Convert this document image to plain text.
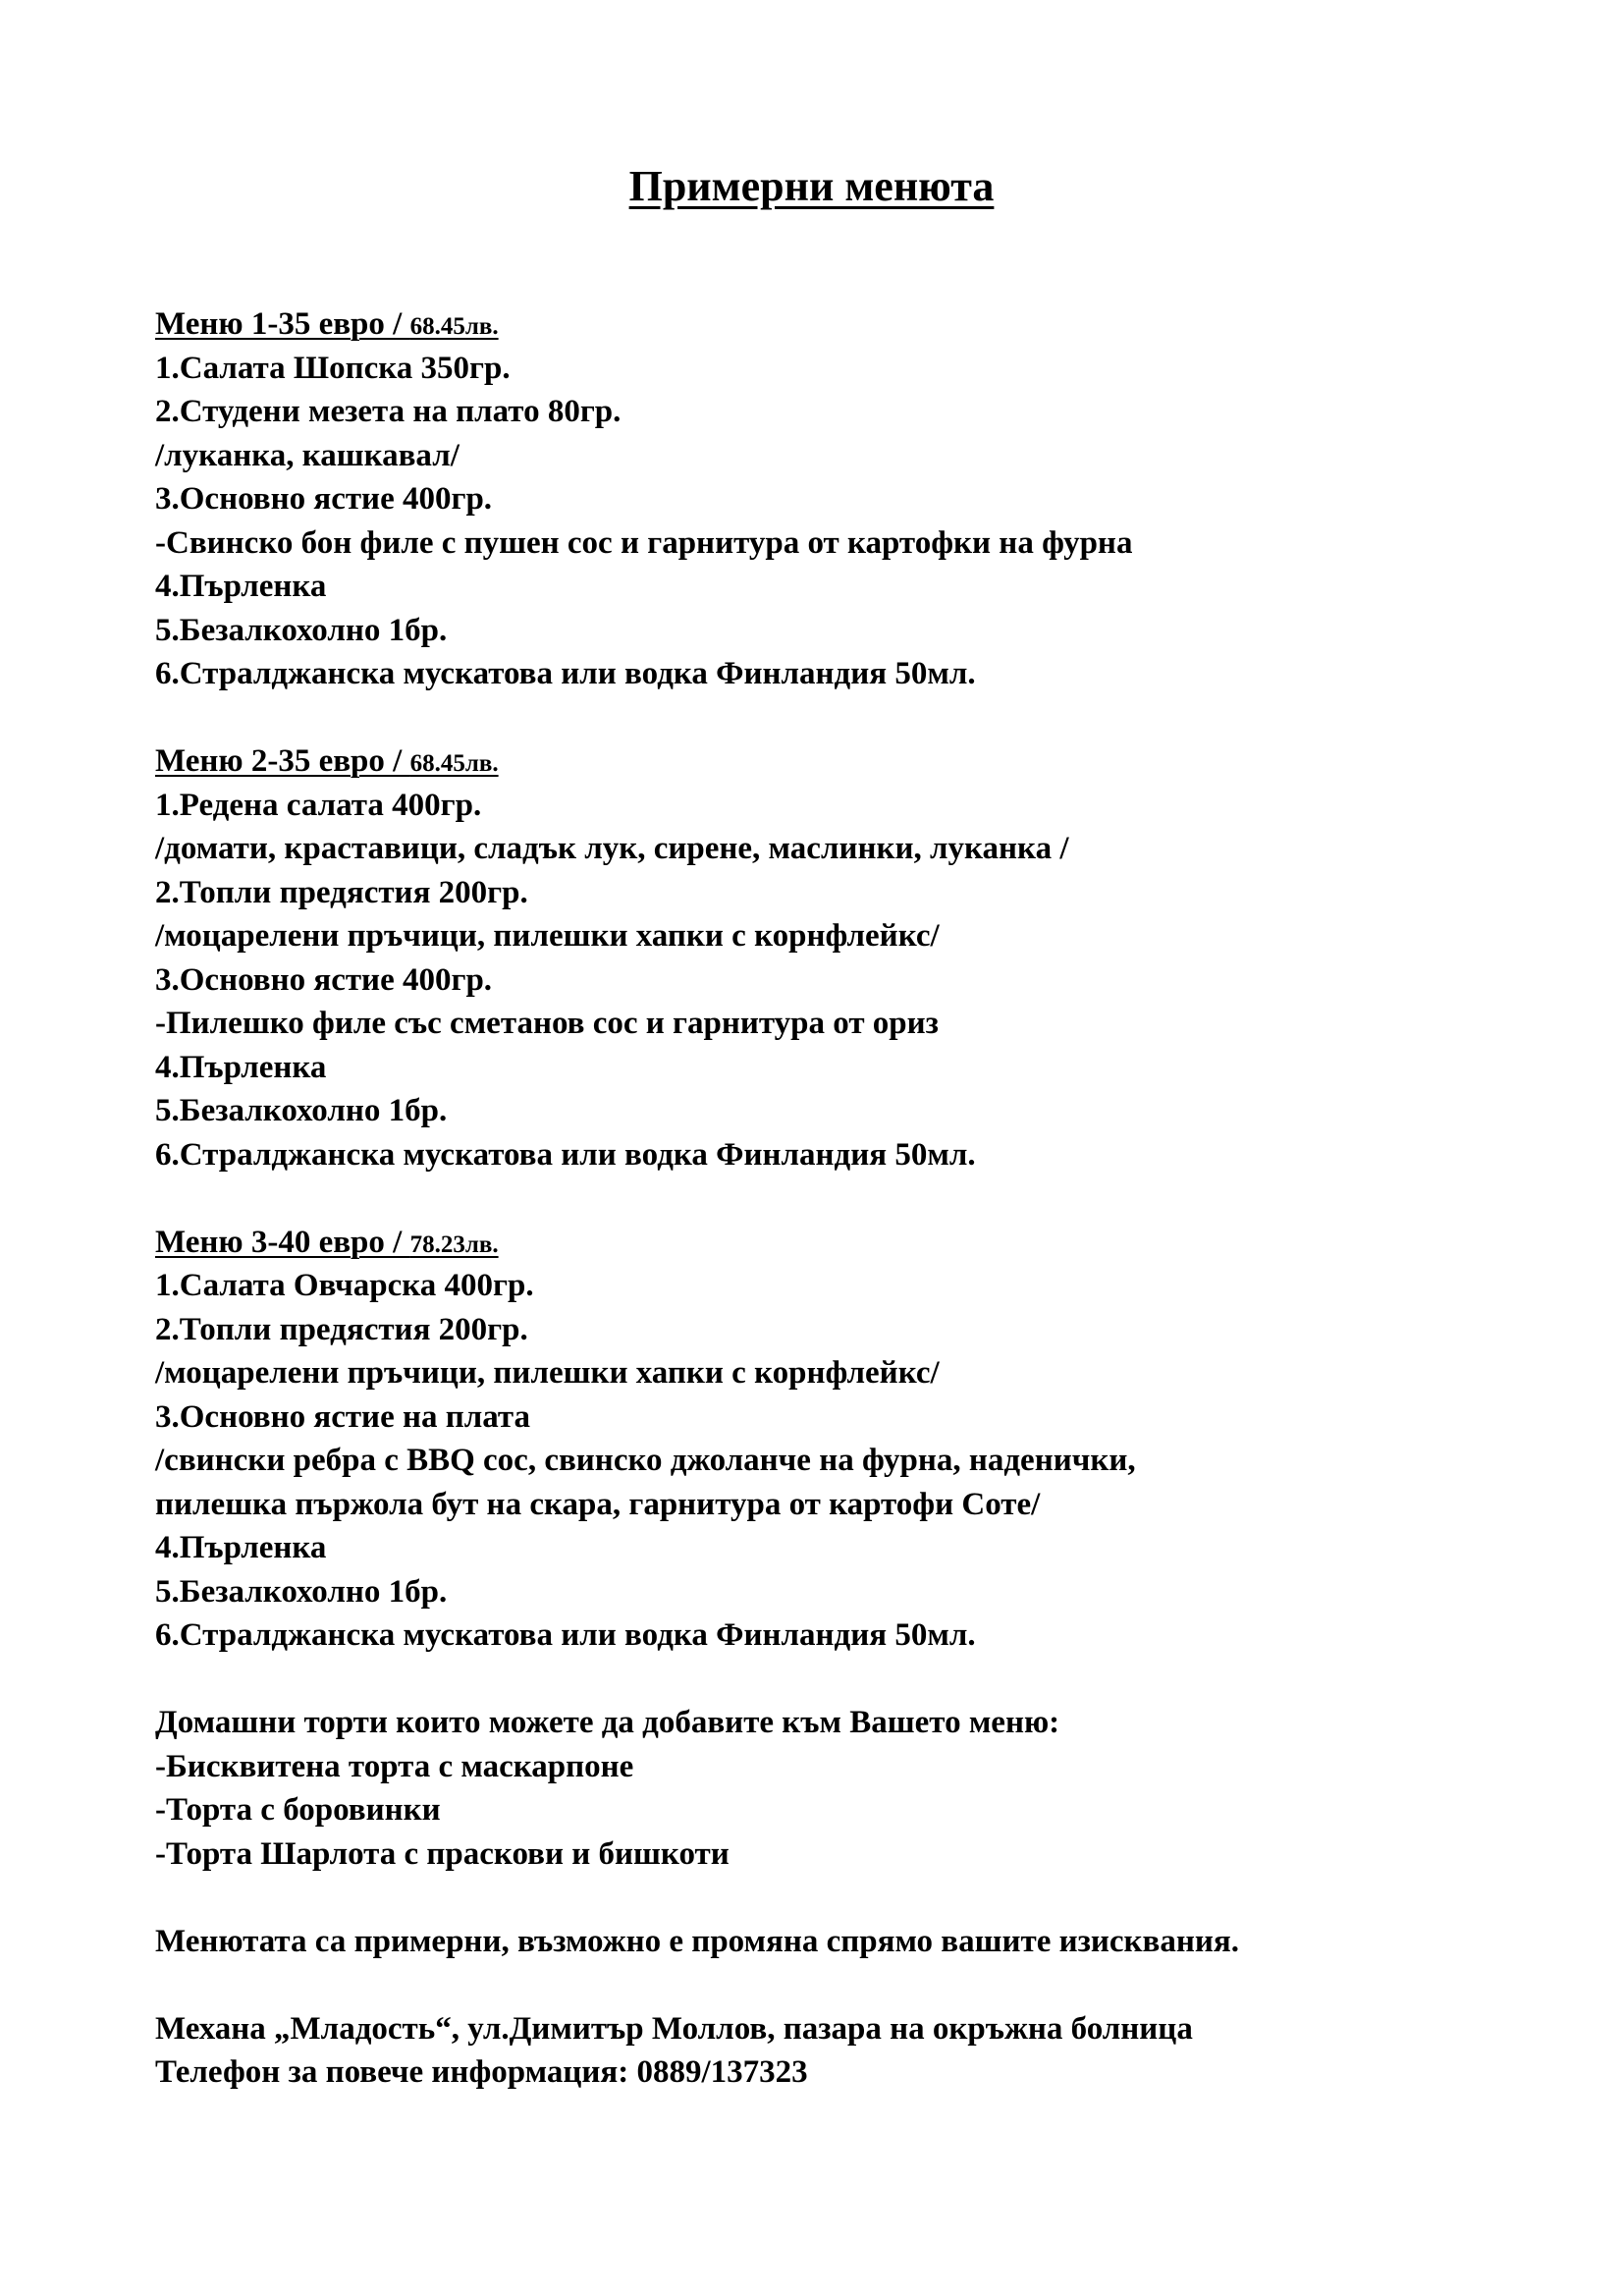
Примерни менюта
Меню 1-35 евро / 68.45лв.
1.Салата Шопска 350гр.
2.Студени мезета на плато 80гр.
/луканка, кашкавал/
3.Основно ястие 400гр.
-Свинско бон филе с пушен сос и гарнитура от картофки на фурна
4.Пърленка
5.Безалкохолно 1бр.
6.Стралджанска мускатова или водка Финландия 50мл.
Меню 2-35 евро / 68.45лв.
1.Редена салата 400гр.
/домати, краставици, сладък лук, сирене, маслинки, луканка /
2.Топли предястия 200гр.
/моцарелени пръчици, пилешки хапки с корнфлейкс/
3.Основно ястие 400гр.
-Пилешко филе със сметанов сос и гарнитура от ориз
4.Пърленка
5.Безалкохолно 1бр.
6.Стралджанска мускатова или водка Финландия 50мл.
Меню 3-40 евро / 78.23лв.
1.Салата Овчарска 400гр.
2.Топли предястия 200гр.
/моцарелени пръчици, пилешки хапки с корнфлейкс/
3.Основно ястие на плата
/свински ребра с BBQ сос, свинско джоланче на фурна, наденички,
пилешка пържола бут на скара, гарнитура от картофи Соте/
4.Пърленка
5.Безалкохолно 1бр.
6.Стралджанска мускатова или водка Финландия 50мл.
Домашни торти които можете да добавите към Вашето меню:
-Бисквитена торта с маскарпоне
-Торта с боровинки
-Торта Шарлота с праскови и бишкоти
Менютата са примерни, възможно е промяна спрямо вашите изисквания.
Механа „Младость“, ул.Димитър Моллов, пазара на окръжна болница
Телефон за повече информация: 0889/137323
